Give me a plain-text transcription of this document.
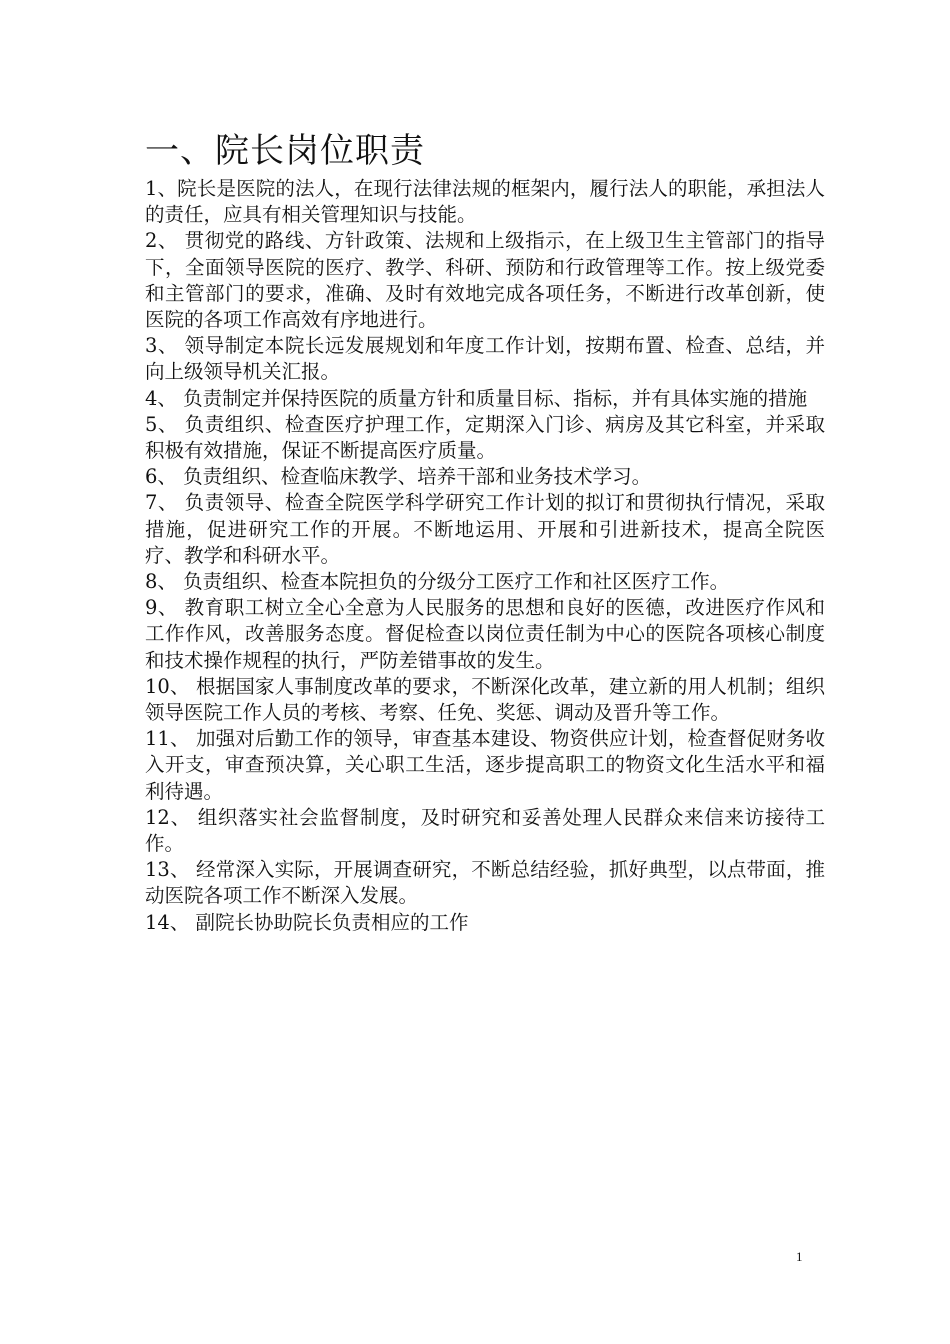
一、院长岗位职责

1、院长是医院的法人，在现行法律法规的框架内，履行法人的职能，承担法人的责任，应具有相关管理知识与技能。

2、 贯彻党的路线、方针政策、法规和上级指示，在上级卫生主管部门的指导下，全面领导医院的医疗、教学、科研、预防和行政管理等工作。按上级党委和主管部门的要求，准确、及时有效地完成各项任务，不断进行改革创新，使医院的各项工作高效有序地进行。

3、 领导制定本院长远发展规划和年度工作计划，按期布置、检查、总结，并向上级领导机关汇报。

4、 负责制定并保持医院的质量方针和质量目标、指标，并有具体实施的措施

5、 负责组织、检查医疗护理工作，定期深入门诊、病房及其它科室，并采取积极有效措施，保证不断提高医疗质量。

6、 负责组织、检查临床教学、培养干部和业务技术学习。

7、 负责领导、检查全院医学科学研究工作计划的拟订和贯彻执行情况，采取措施，促进研究工作的开展。不断地运用、开展和引进新技术，提高全院医疗、教学和科研水平。

8、 负责组织、检查本院担负的分级分工医疗工作和社区医疗工作。

9、 教育职工树立全心全意为人民服务的思想和良好的医德，改进医疗作风和工作作风，改善服务态度。督促检查以岗位责任制为中心的医院各项核心制度和技术操作规程的执行，严防差错事故的发生。

10、 根据国家人事制度改革的要求，不断深化改革，建立新的用人机制；组织领导医院工作人员的考核、考察、任免、奖惩、调动及晋升等工作。

11、 加强对后勤工作的领导，审查基本建设、物资供应计划，检查督促财务收入开支，审查预决算，关心职工生活，逐步提高职工的物资文化生活水平和福利待遇。

12、 组织落实社会监督制度，及时研究和妥善处理人民群众来信来访接待工作。

13、 经常深入实际，开展调查研究，不断总结经验，抓好典型，以点带面，推动医院各项工作不断深入发展。

14、 副院长协助院长负责相应的工作

1
